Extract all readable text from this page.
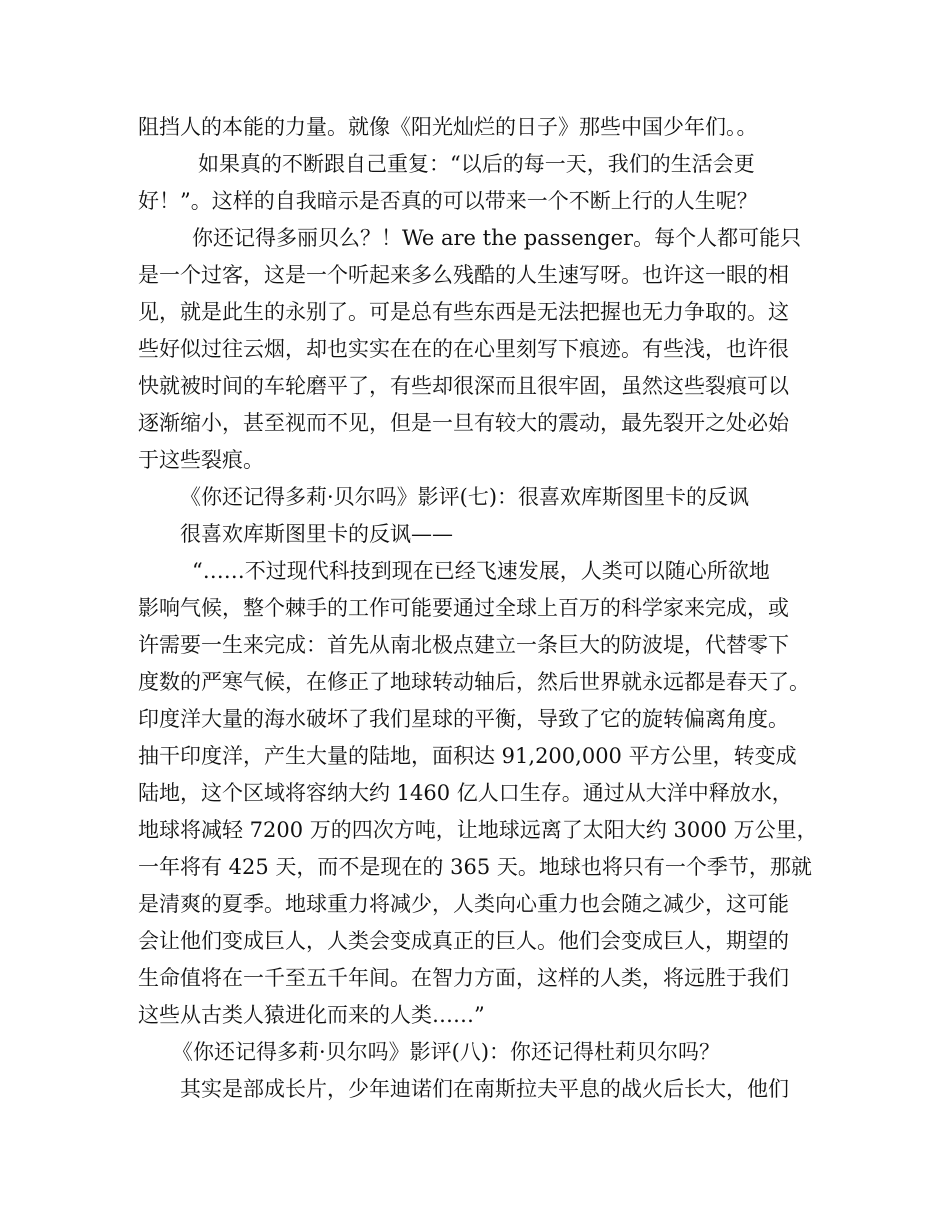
阻挡人的本能的力量。就像《阳光灿烂的日子》那些中国少年们。。
如果真的不断跟自己重复：“以后的每一天，我们的生活会更
好！”。这样的自我暗示是否真的可以带来一个不断上行的人生呢？
你还记得多丽贝么？！We are the passenger。每个人都可能只
是一个过客，这是一个听起来多么残酷的人生速写呀。也许这一眼的相
见，就是此生的永别了。可是总有些东西是无法把握也无力争取的。这
些好似过往云烟，却也实实在在的在心里刻写下痕迹。有些浅，也许很
快就被时间的车轮磨平了，有些却很深而且很牢固，虽然这些裂痕可以
逐渐缩小，甚至视而不见，但是一旦有较大的震动，最先裂开之处必始
于这些裂痕。
《你还记得多莉·贝尔吗》影评(七)：很喜欢库斯图里卡的反讽
很喜欢库斯图里卡的反讽——
“……不过现代科技到现在已经飞速发展，人类可以随心所欲地
影响气候，整个棘手的工作可能要通过全球上百万的科学家来完成，或
许需要一生来完成：首先从南北极点建立一条巨大的防波堤，代替零下
度数的严寒气候，在修正了地球转动轴后，然后世界就永远都是春天了。
印度洋大量的海水破坏了我们星球的平衡，导致了它的旋转偏离角度。
抽干印度洋，产生大量的陆地，面积达 91,200,000 平方公里，转变成
陆地，这个区域将容纳大约 1460 亿人口生存。通过从大洋中释放水，
地球将减轻 7200 万的四次方吨，让地球远离了太阳大约 3000 万公里，
一年将有 425 天，而不是现在的 365 天。地球也将只有一个季节，那就
是清爽的夏季。地球重力将减少，人类向心重力也会随之减少，这可能
会让他们变成巨人，人类会变成真正的巨人。他们会变成巨人，期望的
生命值将在一千至五千年间。在智力方面，这样的人类，将远胜于我们
这些从古类人猿进化而来的人类……”
《你还记得多莉·贝尔吗》影评(八)：你还记得杜莉贝尔吗？
其实是部成长片，少年迪诺们在南斯拉夫平息的战火后长大，他们
